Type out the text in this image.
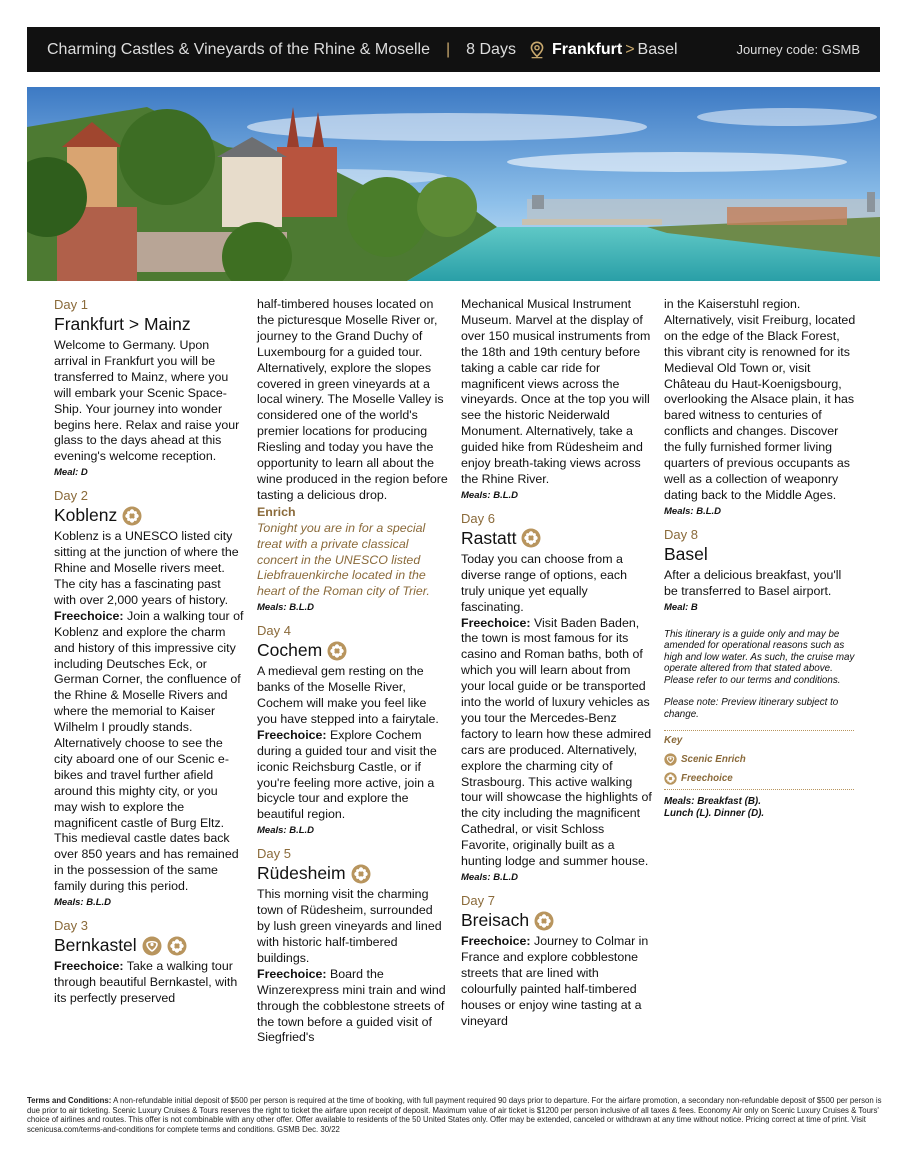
Charming Castles & Vineyards of the Rhine & Moselle | 8 Days Frankfurt > Basel	Journey code: GSMB
Day 1
Frankfurt > Mainz
Welcome to Germany. Upon arrival in Frankfurt you will be transferred to Mainz, where you will embark your Scenic Space-Ship. Your journey into wonder begins here. Relax and raise your glass to the days ahead at this evening's welcome reception.
Meal: D
Day 2
Koblenz
Koblenz is a UNESCO listed city sitting at the junction of where the Rhine and Moselle rivers meet. The city has a fascinating past with over 2,000 years of history.
Freechoice: Join a walking tour of Koblenz and explore the charm and history of this impressive city including Deutsches Eck, or German Corner, the confluence of the Rhine & Moselle Rivers and where the memorial to Kaiser Wilhelm I proudly stands. Alternatively choose to see the city aboard one of our Scenic e-bikes and travel further afield around this mighty city, or you may wish to explore the magnificent castle of Burg Eltz. This medieval castle dates back over 850 years and has remained in the possession of the same family during this period.
Meals: B.L.D
Day 3
Bernkastel
Freechoice: Take a walking tour through beautiful Bernkastel, with its perfectly preserved
half-timbered houses located on the picturesque Moselle River or, journey to the Grand Duchy of Luxembourg for a guided tour. Alternatively, explore the slopes covered in green vineyards at a local winery. The Moselle Valley is considered one of the world's premier locations for producing Riesling and today you have the opportunity to learn all about the wine produced in the region before tasting a delicious drop.
Enrich
Tonight you are in for a special treat with a private classical concert in the UNESCO listed Liebfrauenkirche located in the heart of the Roman city of Trier.
Meals: B.L.D
Day 4
Cochem
A medieval gem resting on the banks of the Moselle River, Cochem will make you feel like you have stepped into a fairytale.
Freechoice: Explore Cochem during a guided tour and visit the iconic Reichsburg Castle, or if you're feeling more active, join a bicycle tour and explore the beautiful region.
Meals: B.L.D
Day 5
Rüdesheim
This morning visit the charming town of Rüdesheim, surrounded by lush green vineyards and lined with historic half-timbered buildings.
Freechoice: Board the Winzerexpress mini train and wind through the cobblestone streets of the town before a guided visit of Siegfried's
Mechanical Musical Instrument Museum. Marvel at the display of over 150 musical instruments from the 18th and 19th century before taking a cable car ride for magnificent views across the vineyards. Once at the top you will see the historic Neiderwald Monument. Alternatively, take a guided hike from Rüdesheim and enjoy breath-taking views across the Rhine River.
Meals: B.L.D
Day 6
Rastatt
Today you can choose from a diverse range of options, each truly unique yet equally fascinating.
Freechoice: Visit Baden Baden, the town is most famous for its casino and Roman baths, both of which you will learn about from your local guide or be transported into the world of luxury vehicles as you tour the Mercedes-Benz factory to learn how these admired cars are produced. Alternatively, explore the charming city of Strasbourg. This active walking tour will showcase the highlights of the city including the magnificent Cathedral, or visit Schloss Favorite, originally built as a hunting lodge and summer house.
Meals: B.L.D
Day 7
Breisach
Freechoice: Journey to Colmar in France and explore cobblestone streets that are lined with colourfully painted half-timbered houses or enjoy wine tasting at a vineyard
in the Kaiserstuhl region. Alternatively, visit Freiburg, located on the edge of the Black Forest, this vibrant city is renowned for its Medieval Old Town or, visit Château du Haut-Koenigsbourg, overlooking the Alsace plain, it has bared witness to centuries of conflicts and changes. Discover the fully furnished former living quarters of previous occupants as well as a collection of weaponry dating back to the Middle Ages.
Meals: B.L.D
Day 8
Basel
After a delicious breakfast, you'll be transferred to Basel airport.
Meal: B
This itinerary is a guide only and may be amended for operational reasons such as high and low water. As such, the cruise may operate altered from that stated above. Please refer to our terms and conditions.
Please note: Preview itinerary subject to change.
Key
Scenic Enrich
Freechoice
Meals: Breakfast (B).
Lunch (L). Dinner (D).
Terms and Conditions: A non-refundable initial deposit of $500 per person is required at the time of booking, with full payment required 90 days prior to departure. For the airfare promotion, a secondary non-refundable deposit of $500 per person is due prior to air ticketing. Scenic Luxury Cruises & Tours reserves the right to ticket the airfare upon receipt of deposit. Maximum value of air ticket is $1200 per person inclusive of all taxes & fees. Economy Air only on Scenic Luxury Cruises & Tours' choice of airlines and routes. This offer is not combinable with any other offer. Offer available to residents of the 50 United States only. Offer may be extended, canceled or withdrawn at any time without notice. Pricing correct at time of print. Visit scenicusa.com/terms-and-conditions for complete terms and conditions. GSMB Dec. 30/22
